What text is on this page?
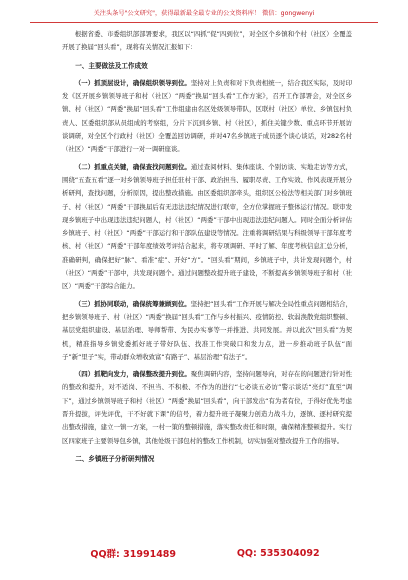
关注头条号"公文研究"，获得最新最全最专业的公文资料库！ 微信：gongwenyi

根据省委、市委组织部部署要求，我区以“四抓”促“四到位”，对全区个乡镇和个村（社区）全覆盖开展了换届“回头看”，现将有关情况汇报如下：

一、主要做法及工作成效

（一）抓顶层设计，确保组织领导到位。坚持对上负责和对下负责相统一，结合我区实际，及时印发《区开展乡镇领导班子和村（社区）“两委”换届“回头看”工作方案》，召开工作部署会，对全区乡镇、村（社区）“两委”换届“回头看”工作组建由名区处级领导带队，区联村（社区）单位、乡镇包村负责人、区委组织部从员组成的考察组，分片下沉到乡镇、村（社区），抓住关键少数、重点环节开展访谈调研，对全区个行政村（社区）全覆盖回访调研，并对47名乡镇班子成员逐个谈心谈话，对282名村（社区）“两委”干部进行一对一调研座谈。

（二）抓重点关键，确保查找问题到位。通过查阅材料、集体座谈、个别访谈、实地走访等方式，围绕“五查五看”逐一对乡镇领导班子担任驻村干部、政治担当、履职尽责、工作实效、作风表现开展分析研判，查找问题，分析原因，提出整改措施。由区委组织部牵头，组织区公检法等相关部门对乡镇班子、村（社区）“两委”干部换届后有无违法违纪情况进行联审，全方位掌握班子整体运行情况。联审发现乡镇班子中出现违法违纪问题人，村（社区）“两委”干部中出现违法违纪问题人。同时全面分析评估乡镇班子、村（社区）“两委”干部运行和干部队伍建设等情况。注重将调研结果与科级领导干部年度考核、村（社区）“两委”干部年度绩效考评结合起来，将专项调研、平时了解、年度考核信息汇总分析，准确研判，确保把好“脉”、看准“症”、开好“方”。“回头看”期间，乡镇班子中，共计发现问题个，村（社区）“两委”干部中，共发现问题个。通过问题整改提升班子建设，不断提高乡镇领导班子和村（社区）“两委”干部综合能力。

（三）抓协同联动，确保统筹兼顾到位。坚持把“回头看”工作开展与解决全局性重点问题相结合，把乡镇领导班子、村（社区）“两委”换届“回头看”工作与乡村振兴、疫情防控、软弱涣散党组织整顿、基层党组织建设、基层治理、导师帮带、为民办实事等一并推进、共同发展。并以此次“回头看”为契机，精准指导乡镇党委抓好班子带好队伍、找准工作突破口和发力点，进一步推动班子队伍“面子”新“里子”实，带动群众增收致富“有路子”、基层治理“有法子”。

（四）抓靶向发力，确保整改提升到位。聚焦调研内容，坚持问题导向，对存在的问题进行针对性的整改和提升，对不适岗、不担当、不积极、不作为的进行“七必谈五必访”警示谈话“亮灯”直至“调下”，通过乡镇领导班子和村（社区）“两委”换届“回头看”，向干部发出“有为者有位，于得好优先考虑晋升提拔，评先评优，干不好就下课”的信号，着力提升班子凝聚力创造力战斗力，逐镇、逐村研究提出整改措施，建立一镇一方案，一村一策的整顿措施，落实整改责任和时限，确保精准整顿提升。实行区四家班子主要领导包乡镇，其他处级干部包村的整改工作机制，切实加强对整改提升工作的指导。

二、乡镇班子分析研判情况
QQ群: 31991489	QQ: 535304092
